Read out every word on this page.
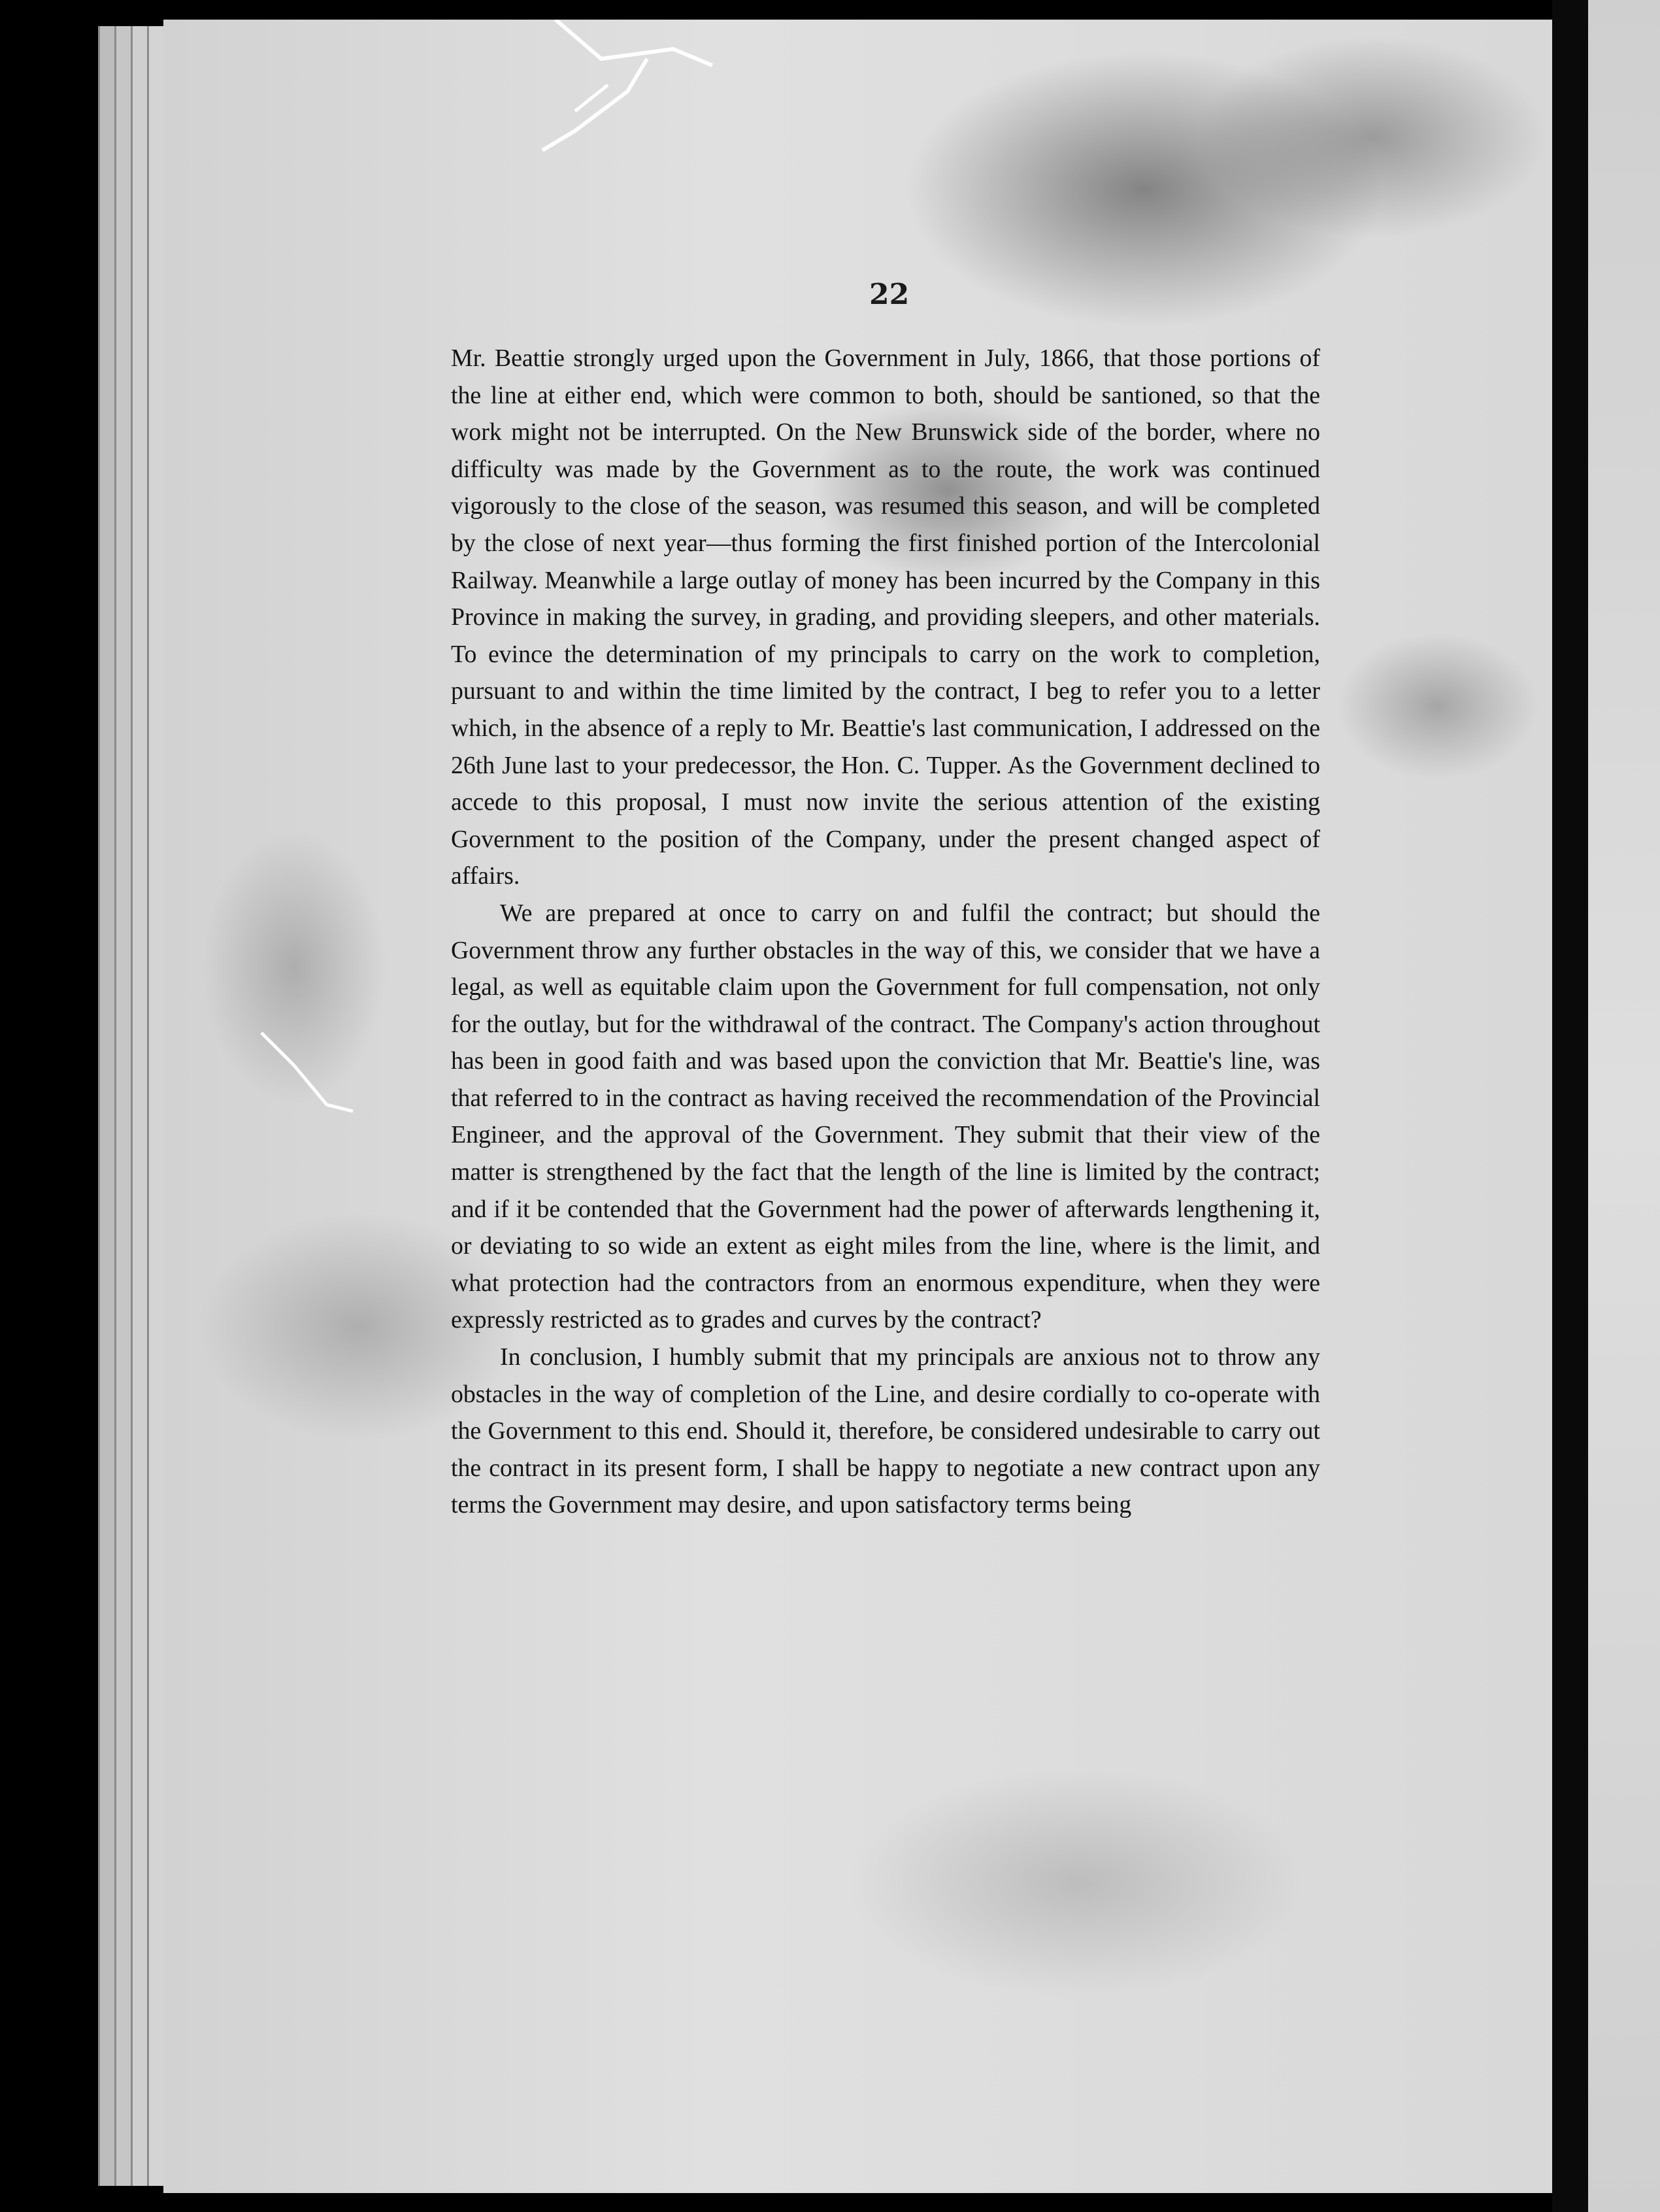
22

Mr. Beattie strongly urged upon the Government in July, 1866, that those portions of the line at either end, which were common to both, should be santioned, so that the work might not be interrupted. On the New Brunswick side of the border, where no difficulty was made by the Government as to the route, the work was continued vigorously to the close of the season, was resumed this season, and will be completed by the close of next year—thus forming the first finished portion of the Intercolonial Railway. Meanwhile a large outlay of money has been incurred by the Company in this Province in making the survey, in grading, and providing sleepers, and other materials. To evince the determination of my principals to carry on the work to completion, pursuant to and within the time limited by the contract, I beg to refer you to a letter which, in the absence of a reply to Mr. Beattie's last communication, I addressed on the 26th June last to your predecessor, the Hon. C. Tupper. As the Government declined to accede to this proposal, I must now invite the serious attention of the existing Government to the position of the Company, under the present changed aspect of affairs.

We are prepared at once to carry on and fulfil the contract; but should the Government throw any further obstacles in the way of this, we consider that we have a legal, as well as equitable claim upon the Government for full compensation, not only for the outlay, but for the withdrawal of the contract. The Company's action throughout has been in good faith and was based upon the conviction that Mr. Beattie's line, was that referred to in the contract as having received the recommendation of the Provincial Engineer, and the approval of the Government. They submit that their view of the matter is strengthened by the fact that the length of the line is limited by the contract; and if it be contended that the Government had the power of afterwards lengthening it, or deviating to so wide an extent as eight miles from the line, where is the limit, and what protection had the contractors from an enormous expenditure, when they were expressly restricted as to grades and curves by the contract?

In conclusion, I humbly submit that my principals are anxious not to throw any obstacles in the way of completion of the Line, and desire cordially to co-operate with the Government to this end. Should it, therefore, be considered undesirable to carry out the contract in its present form, I shall be happy to negotiate a new contract upon any terms the Government may desire, and upon satisfactory terms being
